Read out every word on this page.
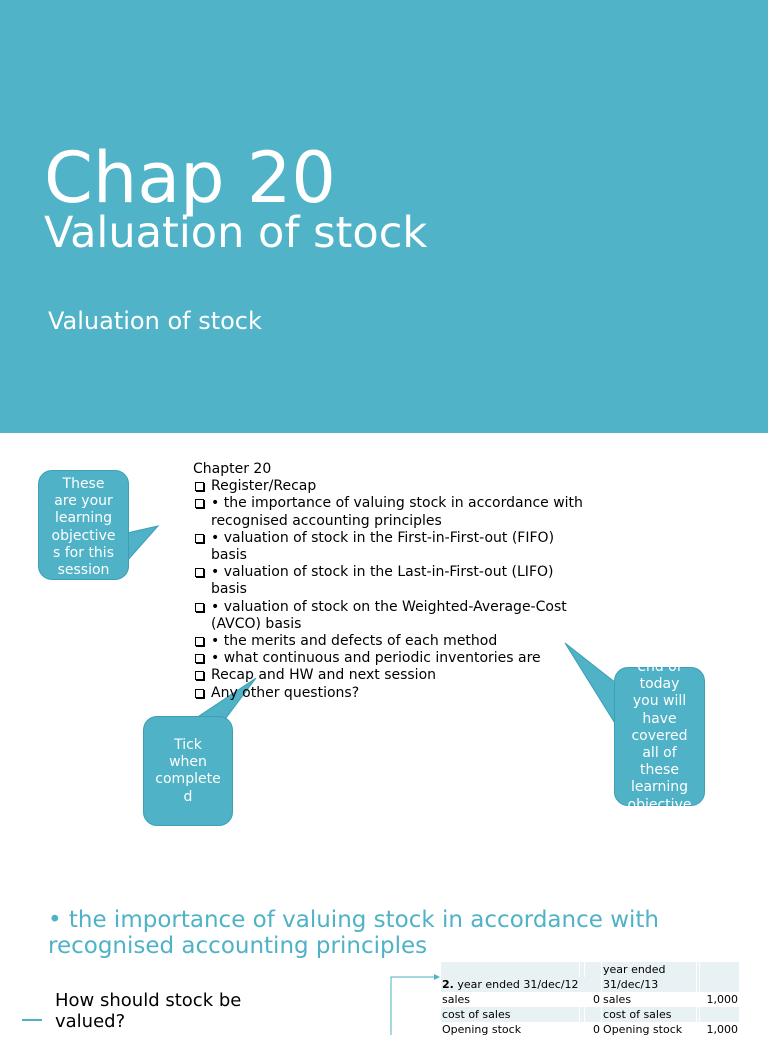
Chap 20
Valuation of stock
Valuation of stock
These
are your
learning
objective
s for this
session

Chapter 20

Register/Recap
• the importance of valuing stock in accordance with recognised accounting principles
• valuation of stock in the First-in-First-out (FIFO) basis
• valuation of stock in the Last-in-First-out (LIFO) basis
• valuation of stock on the Weighted-Average-Cost (AVCO) basis
• the merits and defects of each method
• what continuous and periodic inventories are
Recap and HW and next session
Any other questions?
Tick
when
complete
d
end of
today
you will
have
covered
all of
these
learning
objective
• the importance of valuing stock in accordance with recognised accounting principles
How should stock be valued?
			year ended		
2. year ended 31/dec/12			31/dec/13		
sales		0	sales		1,000
cost of sales			cost of sales		
Opening stock		0	Opening stock		1,000
